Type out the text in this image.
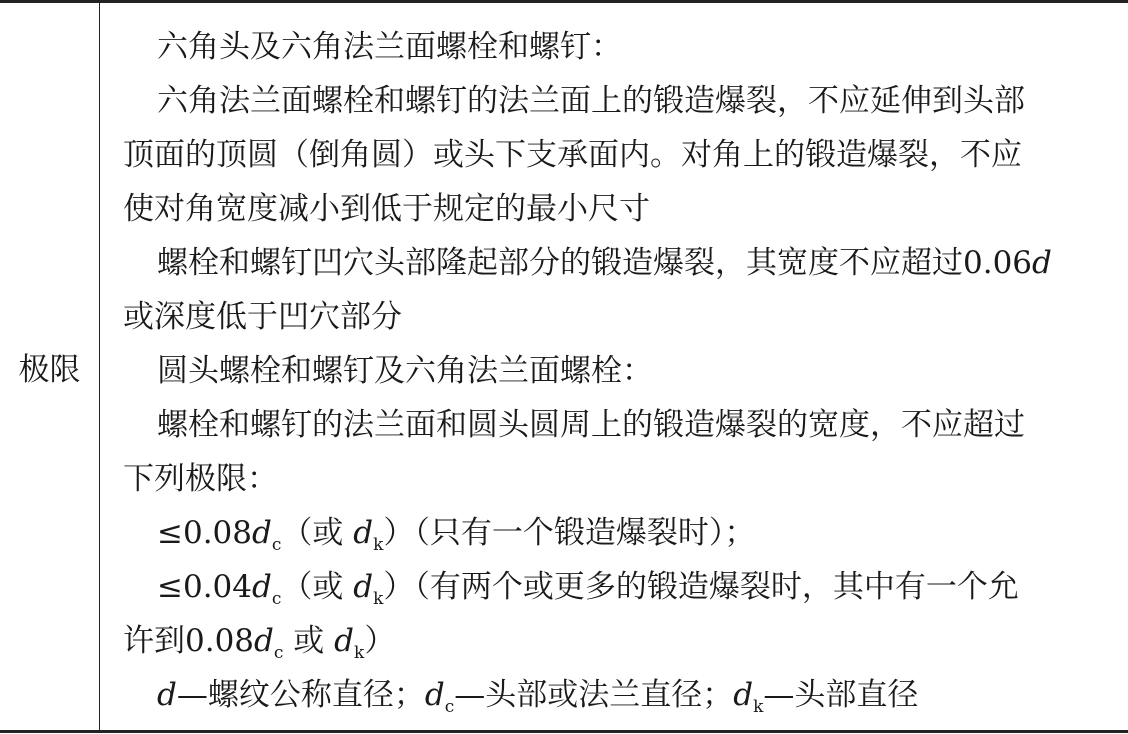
极限
六角头及六角法兰面螺栓和螺钉：
六角法兰面螺栓和螺钉的法兰面上的锻造爆裂，不应延伸到头部
顶面的顶圆（倒角圆）或头下支承面内。对角上的锻造爆裂，不应
使对角宽度减小到低于规定的最小尺寸
螺栓和螺钉凹穴头部隆起部分的锻造爆裂，其宽度不应超过0.06d
或深度低于凹穴部分
圆头螺栓和螺钉及六角法兰面螺栓：
螺栓和螺钉的法兰面和圆头圆周上的锻造爆裂的宽度，不应超过
下列极限：
$\le 0.08d_c$（或 $d_k$）（只有一个锻造爆裂时）；
$\le 0.04d_c$（或 $d_k$）（有两个或更多的锻造爆裂时，其中有一个允
许到$0.08d_c$ 或 $d_k$）
d—螺纹公称直径；$d_c—$头部或法兰直径；$d_k—$头部直径
